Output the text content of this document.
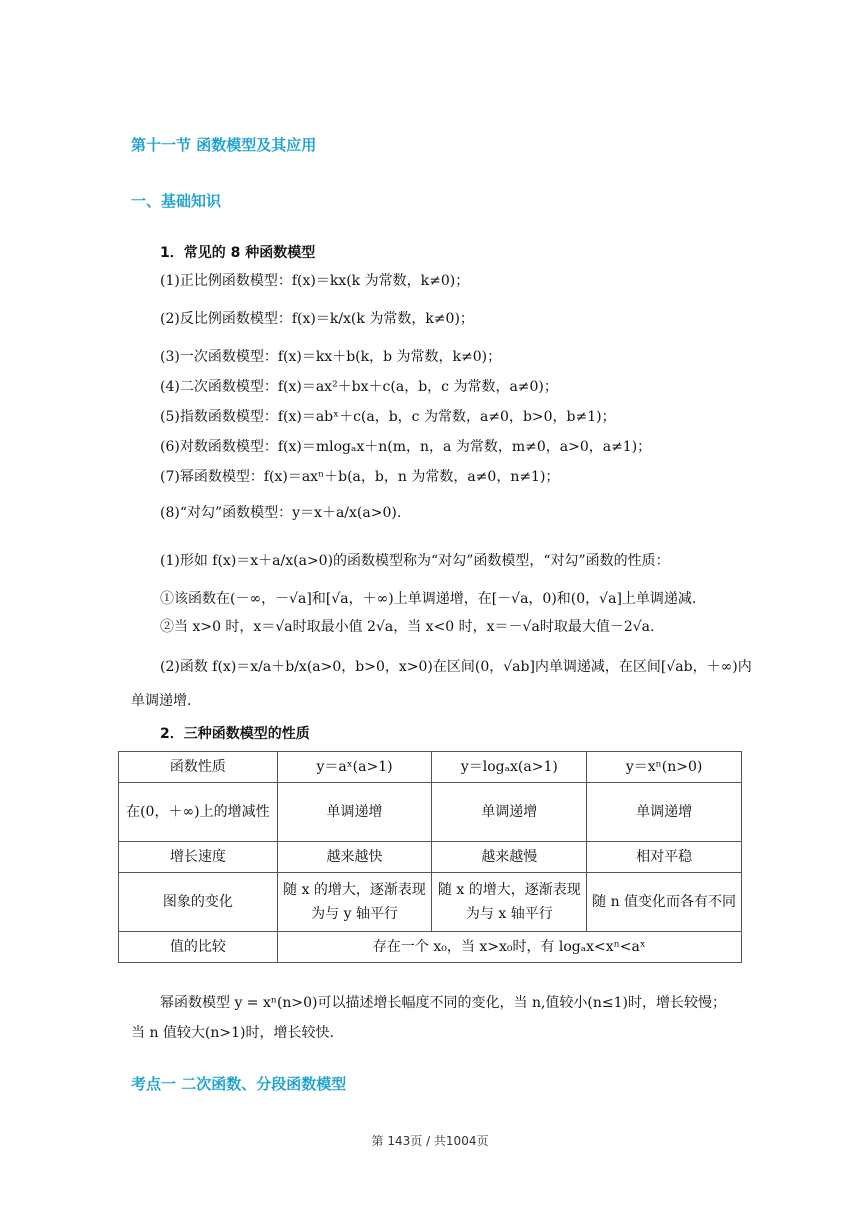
第十一节 函数模型及其应用
一、基础知识
1．常见的 8 种函数模型
(1)正比例函数模型：f(x)＝kx(k 为常数，k≠0)；
(2)反比例函数模型：f(x)＝k/x(k 为常数，k≠0)；
(3)一次函数模型：f(x)＝kx＋b(k，b 为常数，k≠0)；
(4)二次函数模型：f(x)＝ax²＋bx＋c(a，b，c 为常数，a≠0)；
(5)指数函数模型：f(x)＝abˣ＋c(a，b，c 为常数，a≠0，b>0，b≠1)；
(6)对数函数模型：f(x)＝mlogₐx＋n(m，n，a 为常数，m≠0，a>0，a≠1)；
(7)幂函数模型：f(x)＝axⁿ＋b(a，b，n 为常数，a≠0，n≠1)；
(8)“对勾”函数模型：y＝x＋a/x(a>0).
(1)形如 f(x)＝x＋a/x(a>0)的函数模型称为“对勾”函数模型，“对勾”函数的性质：
①该函数在(－∞，－√a]和[√a，＋∞)上单调递增，在[－√a，0)和(0，√a]上单调递减.
②当 x>0 时，x＝√a时取最小值 2√a，当 x<0 时，x＝－√a时取最大值－2√a.
(2)函数 f(x)＝x/a＋b/x(a>0，b>0，x>0)在区间(0，√ab]内单调递减，在区间[√ab，＋∞)内
单调递增.
2．三种函数模型的性质
函数性质	y＝aˣ(a>1)	y＝logₐx(a>1)	y＝xⁿ(n>0)
在(0，＋∞)上的增减性	单调递增	单调递增	单调递增
增长速度	越来越快	越来越慢	相对平稳
图象的变化	随 x 的增大，逐渐表现为与 y 轴平行	随 x 的增大，逐渐表现为与 x 轴平行	随 n 值变化而各有不同
值的比较	存在一个 x₀，当 x>x₀时，有 logₐx<xⁿ<aˣ		
幂函数模型 y = xⁿ(n>0)可以描述增长幅度不同的变化，当 n,值较小(n≤1)时，增长较慢；
当 n 值较大(n>1)时，增长较快.
考点一 二次函数、分段函数模型
第 143页 / 共1004页
